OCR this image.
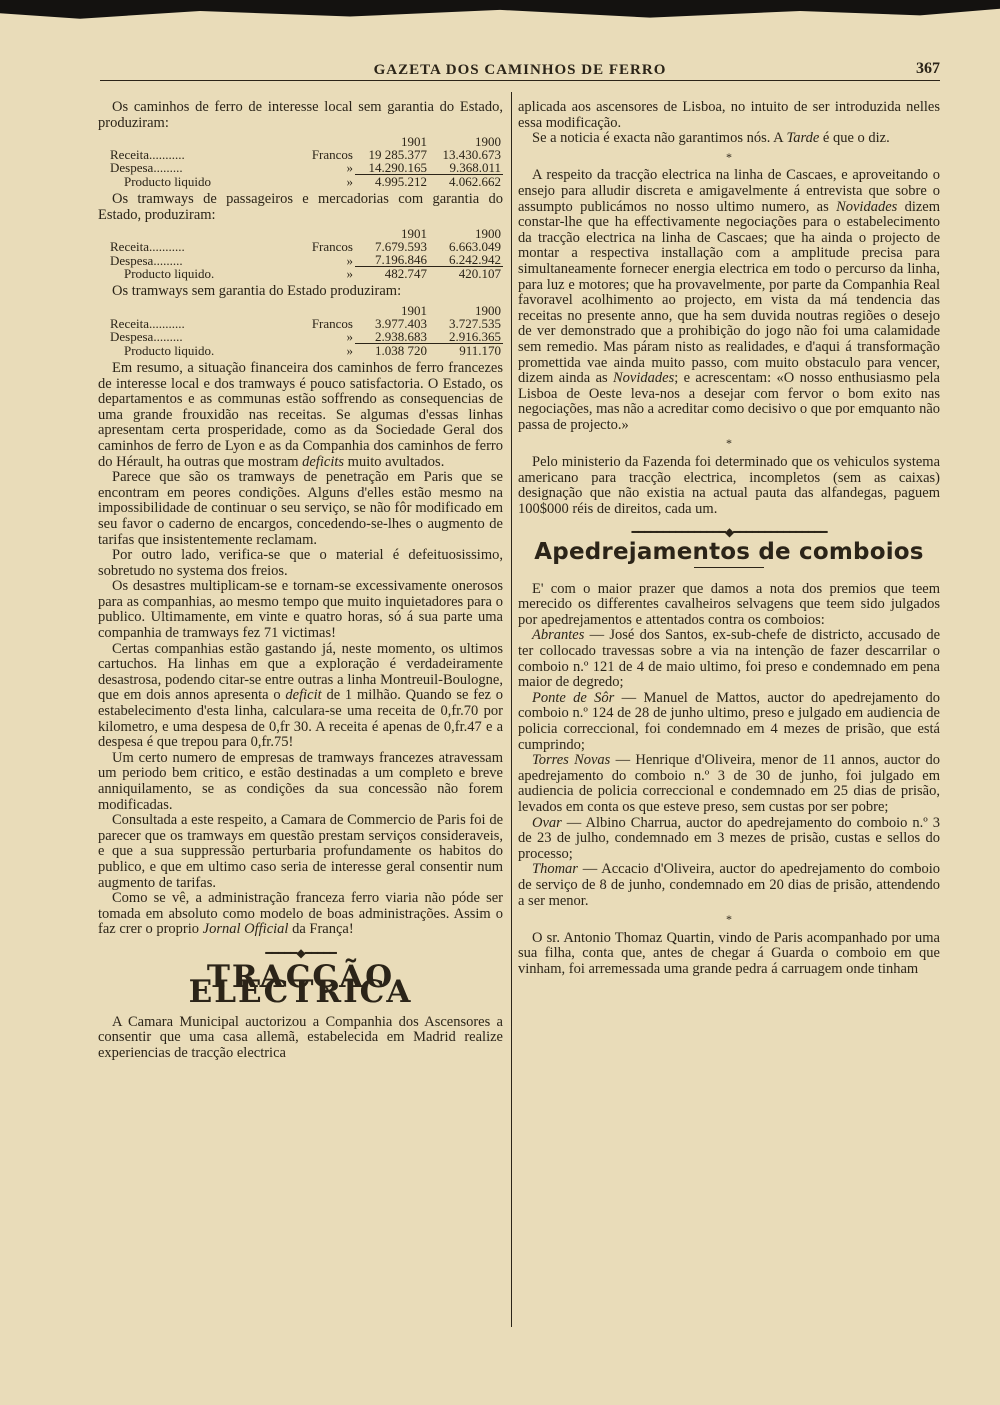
GAZETA DOS CAMINHOS DE FERRO	367

Os caminhos de ferro de interesse local sem garantia do Estado, produziram:

		1901	1900
Receita...........	Francos	19 285.377	13.430.673
Despesa.........	»	14.290.165	9.368.011
Producto liquido	»	4.995.212	4.062.662

Os tramways de passageiros e mercadorias com garantia do Estado, produziram:

		1901	1900
Receita...........	Francos	7.679.593	6.663.049
Despesa.........	»	7.196.846	6.242.942
Producto liquido.	»	482.747	420.107

Os tramways sem garantia do Estado produziram:

		1901	1900
Receita...........	Francos	3.977.403	3.727.535
Despesa.........	»	2.938.683	2.916.365
Producto liquido.	»	1.038 720	911.170

Em resumo, a situação financeira dos caminhos de ferro francezes de interesse local e dos tramways é pouco satisfactoria. O Estado, os departamentos e as communas estão soffrendo as consequencias de uma grande frouxidão nas receitas. Se algumas d'essas linhas apresentam certa prosperidade, como as da Sociedade Geral dos caminhos de ferro de Lyon e as da Companhia dos caminhos de ferro do Hérault, ha outras que mostram deficits muito avultados.

Parece que são os tramways de penetração em Paris que se encontram em peores condições. Alguns d'elles estão mesmo na impossibilidade de continuar o seu serviço, se não fôr modificado em seu favor o caderno de encargos, concedendo-se-lhes o augmento de tarifas que insistentemente reclamam.

Por outro lado, verifica-se que o material é defeituosissimo, sobretudo no systema dos freios.

Os desastres multiplicam-se e tornam-se excessivamente onerosos para as companhias, ao mesmo tempo que muito inquietadores para o publico. Ultimamente, em vinte e quatro horas, só á sua parte uma companhia de tramways fez 71 victimas!

Certas companhias estão gastando já, neste momento, os ultimos cartuchos. Ha linhas em que a exploração é verdadeiramente desastrosa, podendo citar-se entre outras a linha Montreuil-Boulogne, que em dois annos apresenta o deficit de 1 milhão. Quando se fez o estabelecimento d'esta linha, calculara-se uma receita de 0,fr.70 por kilometro, e uma despesa de 0,fr 30. A receita é apenas de 0,fr.47 e a despesa é que trepou para 0,fr.75!

Um certo numero de empresas de tramways francezes atravessam um periodo bem critico, e estão destinadas a um completo e breve anniquilamento, se as condições da sua concessão não forem modificadas.

Consultada a este respeito, a Camara de Commercio de Paris foi de parecer que os tramways em questão prestam serviços consideraveis, e que a sua suppressão perturbaria profundamente os habitos do publico, e que em ultimo caso seria de interesse geral consentir num augmento de tarifas.

Como se vê, a administração franceza ferro viaria não póde ser tomada em absoluto como modelo de boas administrações. Assim o faz crer o proprio Jornal Official da França!

━━━━━◆━━━━━
TRACÇÃO ELECTRICA

A Camara Municipal auctorizou a Companhia dos Ascensores a consentir que uma casa allemã, estabelecida em Madrid realize experiencias de tracção electrica

aplicada aos ascensores de Lisboa, no intuito de ser introduzida nelles essa modificação.

Se a noticia é exacta não garantimos nós. A Tarde é que o diz.

*

A respeito da tracção electrica na linha de Cascaes, e aproveitando o ensejo para alludir discreta e amigavelmente á entrevista que sobre o assumpto publicámos no nosso ultimo numero, as Novidades dizem constar-lhe que ha effectivamente negociações para o estabelecimento da tracção electrica na linha de Cascaes; que ha ainda o projecto de montar a respectiva installação com a amplitude precisa para simultaneamente fornecer energia electrica em todo o percurso da linha, para luz e motores; que ha provavelmente, por parte da Companhia Real favoravel acolhimento ao projecto, em vista da má tendencia das receitas no presente anno, que ha sem duvida noutras regiões o desejo de ver demonstrado que a prohibição do jogo não foi uma calamidade sem remedio. Mas páram nisto as realidades, e d'aqui á transformação promettida vae ainda muito passo, com muito obstaculo para vencer, dizem ainda as Novidades; e acrescentam: «O nosso enthusiasmo pela Lisboa de Oeste leva-nos a desejar com fervor o bom exito nas negociações, mas não a acreditar como decisivo o que por emquanto não passa de projecto.»

*

Pelo ministerio da Fazenda foi determinado que os vehiculos systema americano para tracção electrica, incompletos (sem as caixas) designação que não existia na actual pauta das alfandegas, paguem 100$000 réis de direitos, cada um.

━━━━━━━━━━━━━━━◆━━━━━━━━━━━━━━━
Apedrejamentos de comboios

E' com o maior prazer que damos a nota dos premios que teem merecido os differentes cavalheiros selvagens que teem sido julgados por apedrejamentos e attentados contra os comboios:

Abrantes — José dos Santos, ex-sub-chefe de districto, accusado de ter collocado travessas sobre a via na intenção de fazer descarrilar o comboio n.º 121 de 4 de maio ultimo, foi preso e condemnado em pena maior de degredo;

Ponte de Sôr — Manuel de Mattos, auctor do apedrejamento do comboio n.º 124 de 28 de junho ultimo, preso e julgado em audiencia de policia correccional, foi condemnado em 4 mezes de prisão, que está cumprindo;

Torres Novas — Henrique d'Oliveira, menor de 11 annos, auctor do apedrejamento do comboio n.º 3 de 30 de junho, foi julgado em audiencia de policia correccional e condemnado em 25 dias de prisão, levados em conta os que esteve preso, sem custas por ser pobre;

Ovar — Albino Charrua, auctor do apedrejamento do comboio n.º 3 de 23 de julho, condemnado em 3 mezes de prisão, custas e sellos do processo;

Thomar — Accacio d'Oliveira, auctor do apedrejamento do comboio de serviço de 8 de junho, condemnado em 20 dias de prisão, attendendo a ser menor.

*

O sr. Antonio Thomaz Quartin, vindo de Paris acompanhado por uma sua filha, conta que, antes de chegar á Guarda o comboio em que vinham, foi arremessada uma grande pedra á carruagem onde tinham
